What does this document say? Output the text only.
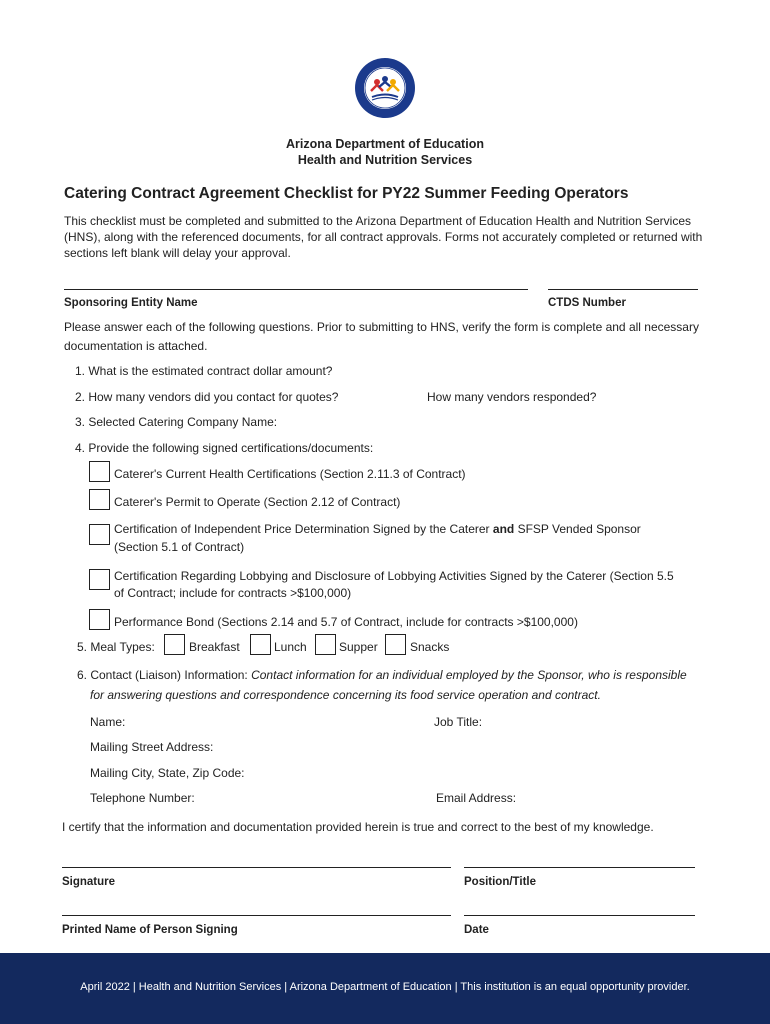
Arizona Department of Education
Health and Nutrition Services
Catering Contract Agreement Checklist for PY22 Summer Feeding Operators
This checklist must be completed and submitted to the Arizona Department of Education Health and Nutrition Services (HNS), along with the referenced documents, for all contract approvals. Forms not accurately completed or returned with sections left blank will delay your approval.
Sponsoring Entity Name	CTDS Number
Please answer each of the following questions. Prior to submitting to HNS, verify the form is complete and all necessary documentation is attached.
1. What is the estimated contract dollar amount?
2. How many vendors did you contact for quotes?	How many vendors responded?
3. Selected Catering Company Name:
4. Provide the following signed certifications/documents:
Caterer's Current Health Certifications (Section 2.11.3 of Contract)
Caterer's Permit to Operate (Section 2.12 of Contract)
Certification of Independent Price Determination Signed by the Caterer and SFSP Vended Sponsor
(Section 5.1 of Contract)
Certification Regarding Lobbying and Disclosure of Lobbying Activities Signed by the Caterer (Section 5.5
of Contract; include for contracts >$100,000)
Performance Bond (Sections 2.14 and 5.7 of Contract, include for contracts >$100,000)
5. Meal Types:	Breakfast	Lunch	Supper	Snacks
6. Contact (Liaison) Information: Contact information for an individual employed by the Sponsor, who is responsible
for answering questions and correspondence concerning its food service operation and contract.
Name:	Job Title:
Mailing Street Address:
Mailing City, State, Zip Code:
Telephone Number:	Email Address:
I certify that the information and documentation provided herein is true and correct to the best of my knowledge.
Signature	Position/Title
Printed Name of Person Signing	Date
April 2022 | Health and Nutrition Services | Arizona Department of Education | This institution is an equal opportunity provider.
